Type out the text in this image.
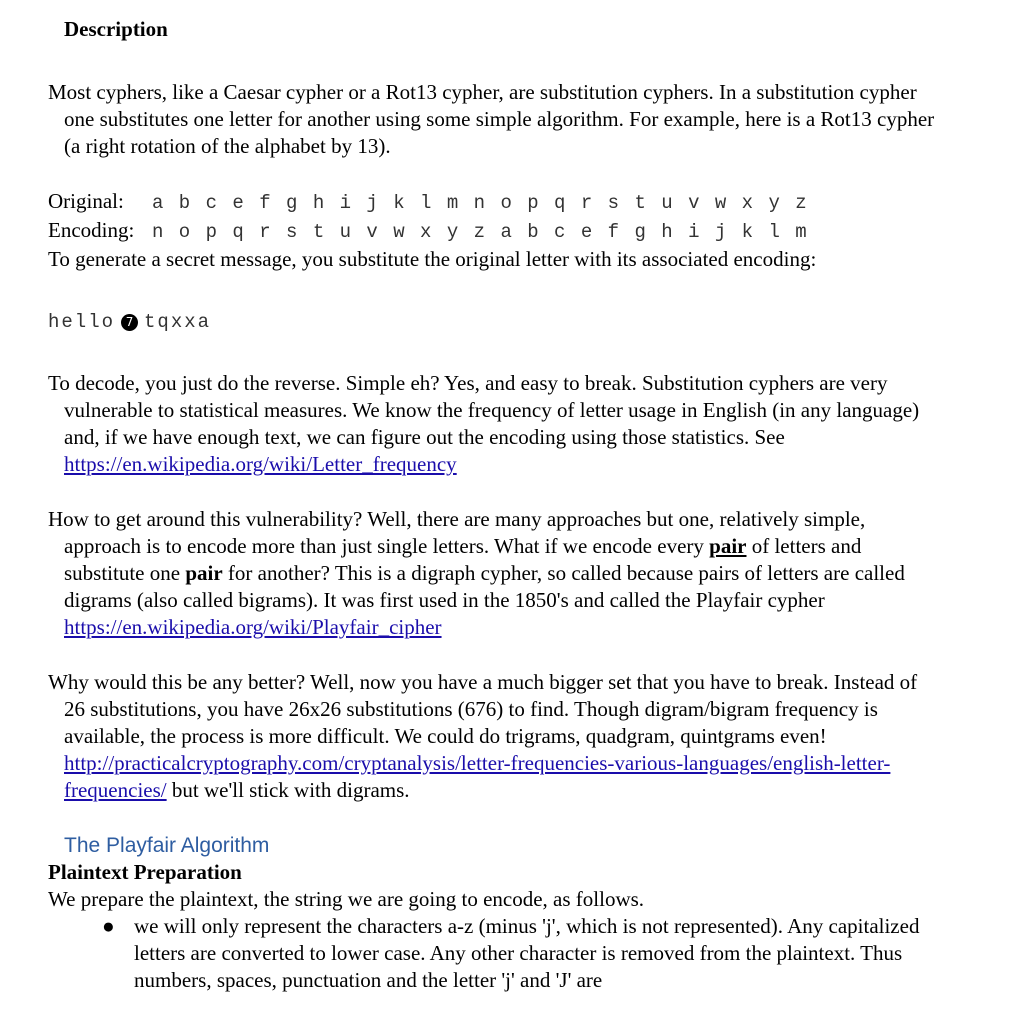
Description

Most cyphers, like a Caesar cypher or a Rot13 cypher, are substitution cyphers. In a substitution cypher one substitutes one letter for another using some simple algorithm. For example, here is a Rot13 cypher (a right rotation of the alphabet by 13).

Original:	a b c e f g h i j k l m n o p q r s t u v w x y z
Encoding: n o p q r s t u v w x y z a b c e f g h i j k l m

To generate a secret message, you substitute the original letter with its associated encoding:

hello 7 tqxxa

To decode, you just do the reverse. Simple eh? Yes, and easy to break. Substitution cyphers are very vulnerable to statistical measures. We know the frequency of letter usage in English (in any language) and, if we have enough text, we can figure out the encoding using those statistics. See https://en.wikipedia.org/wiki/Letter_frequency

How to get around this vulnerability? Well, there are many approaches but one, relatively simple, approach is to encode more than just single letters. What if we encode every pair of letters and substitute one pair for another? This is a digraph cypher, so called because pairs of letters are called digrams (also called bigrams). It was first used in the 1850's and called the Playfair cypher https://en.wikipedia.org/wiki/Playfair_cipher

Why would this be any better? Well, now you have a much bigger set that you have to break. Instead of 26 substitutions, you have 26x26 substitutions (676) to find. Though digram/bigram frequency is available, the process is more difficult. We could do trigrams, quadgram, quintgrams even! http://practicalcryptography.com/cryptanalysis/letter-frequencies-various-languages/english-letter-frequencies/ but we'll stick with digrams.

The Playfair Algorithm
Plaintext Preparation

We prepare the plaintext, the string we are going to encode, as follows.

● we will only represent the characters a-z (minus 'j', which is not represented). Any capitalized letters are converted to lower case. Any other character is removed from the plaintext. Thus numbers, spaces, punctuation and the letter 'j' and 'J' are
